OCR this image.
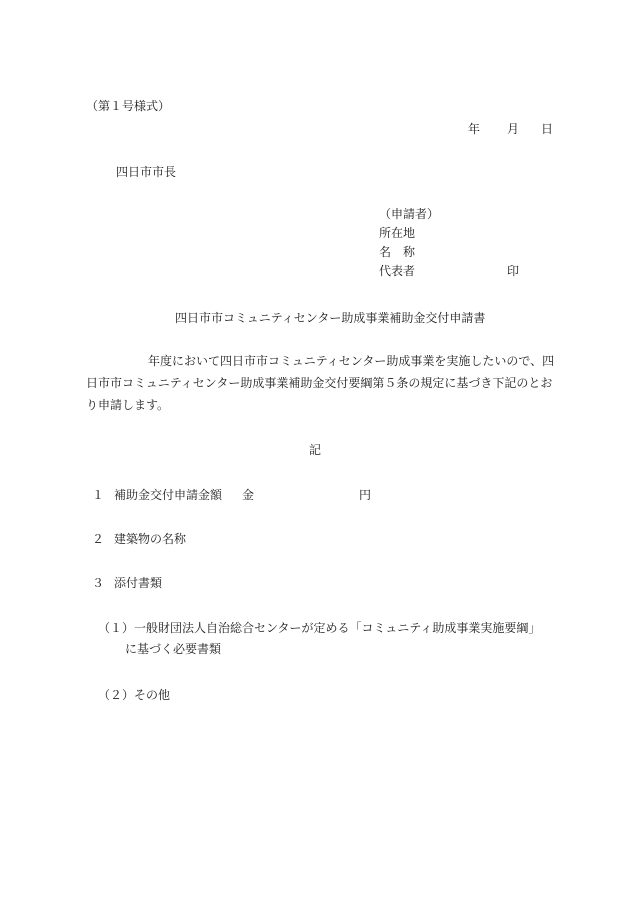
（第１号様式）
年 月 日
四日市市長
（申請者）
所在地
名　称
代表者	印
四日市市コミュニティセンター助成事業補助金交付申請書
年度において四日市市コミュニティセンター助成事業を実施したいので、四
日市市コミュニティセンター助成事業補助金交付要綱第５条の規定に基づき下記のとお
り申請します。
記
１ 補助金交付申請金額 金	円
２ 建築物の名称
３ 添付書類
（１） 一般財団法人自治総合センターが定める「コミュニティ助成事業実施要綱」
に基づく必要書類
（２） その他
